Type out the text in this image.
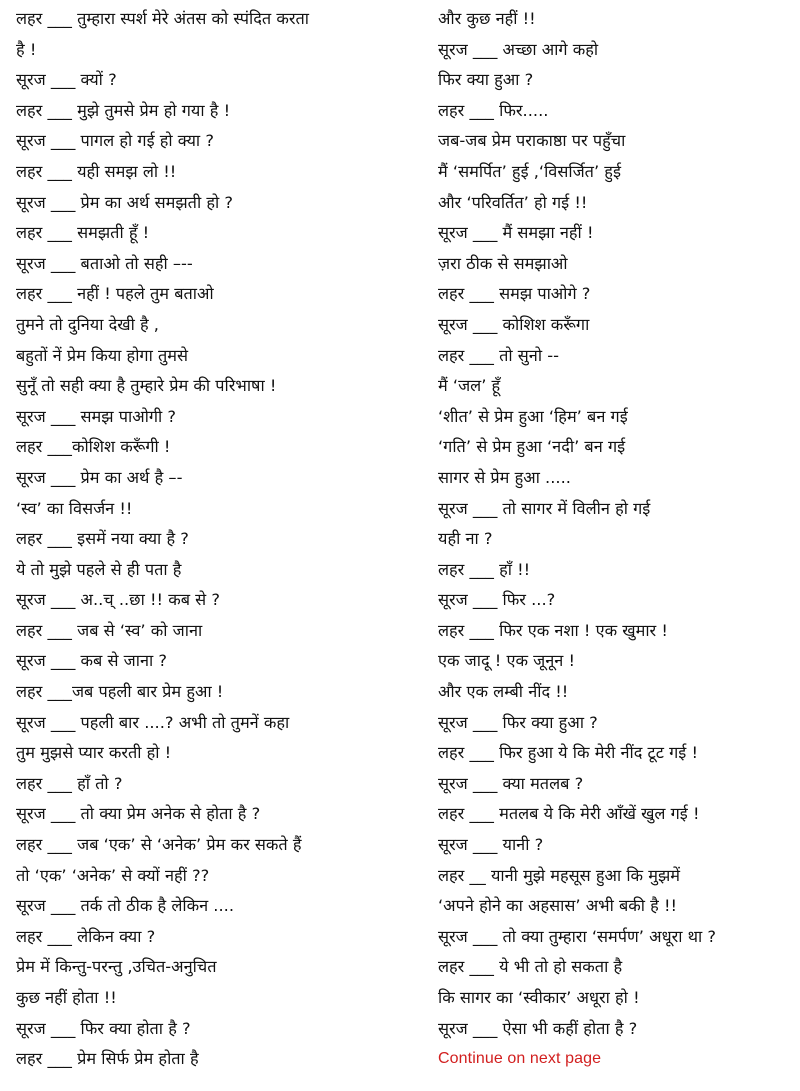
लहर ___ तुम्हारा स्पर्श मेरे अंतस को स्पंदित करता
है !
सूरज ___ क्यों ?
लहर ___ मुझे तुमसे प्रेम हो गया है !
सूरज ___ पागल हो गई हो क्या ?
लहर ___ यही समझ लो !!
सूरज ___ प्रेम का अर्थ समझती हो ?
लहर ___ समझती हूँ !
सूरज ___ बताओ तो सही –--
लहर ___ नहीं ! पहले तुम बताओ
तुमने तो दुनिया देखी है ,
बहुतों नें प्रेम किया होगा तुमसे
सुनूँ तो सही क्या है तुम्हारे प्रेम की परिभाषा !
सूरज ___ समझ पाओगी ?
लहर ___कोशिश करूँगी !
सूरज ___ प्रेम का अर्थ है –-
‘स्व’ का विसर्जन !!
लहर ___ इसमें नया क्या है ?
ये तो मुझे पहले से ही पता है
सूरज ___ अ..च् ..छा !! कब से ?
लहर ___ जब से ‘स्व’ को जाना
सूरज ___ कब से जाना ?
लहर ___जब पहली बार प्रेम हुआ !
सूरज ___ पहली बार ....? अभी तो तुमनें कहा
तुम मुझसे प्यार करती हो !
लहर ___ हाँ तो ?
सूरज ___ तो क्या प्रेम अनेक से होता है ?
लहर ___ जब ‘एक’ से ‘अनेक’ प्रेम कर सकते हैं
तो ‘एक’ ‘अनेक’ से क्यों नहीं ??
सूरज ___ तर्क तो ठीक है लेकिन ....
लहर ___ लेकिन क्या ?
प्रेम में किन्तु-परन्तु ,उचित-अनुचित
कुछ नहीं होता !!
सूरज ___ फिर क्या होता है ?
लहर ___ प्रेम सिर्फ प्रेम होता है
और कुछ नहीं !!
सूरज ___ अच्छा आगे कहो
फिर क्या हुआ ?
लहर ___ फिर.....
जब-जब प्रेम पराकाष्ठा पर पहुँचा
मैं ‘समर्पित’ हुई ,‘विसर्जित’ हुई
और ‘परिवर्तित’ हो गई !!
सूरज ___ मैं समझा नहीं !
ज़रा ठीक से समझाओ
लहर ___ समझ पाओगे ?
सूरज ___ कोशिश करूँगा
लहर ___ तो सुनो --
मैं ‘जल’ हूँ
‘शीत’ से प्रेम हुआ ‘हिम’ बन गई
‘गति’ से प्रेम हुआ ‘नदी’ बन गई
सागर से प्रेम हुआ .....
सूरज ___ तो सागर में विलीन हो गई
यही ना ?
लहर ___ हाँ !!
सूरज ___ फिर ...?
लहर ___ फिर एक नशा ! एक खुमार !
एक जादू ! एक जूनून !
और एक लम्बी नींद !!
सूरज ___ फिर क्या हुआ ?
लहर ___ फिर हुआ ये कि मेरी नींद टूट गई !
सूरज ___ क्या मतलब ?
लहर ___ मतलब ये कि मेरी आँखें खुल गई !
सूरज ___ यानी ?
लहर __ यानी मुझे महसूस हुआ कि मुझमें
‘अपने होने का अहसास’ अभी बकी है !!
सूरज ___ तो क्या तुम्हारा ‘समर्पण’ अधूरा था ?
लहर ___ ये भी तो हो सकता है
कि सागर का ‘स्वीकार’ अधूरा हो !
सूरज ___ ऐसा भी कहीं होता है ?
Continue on next page
